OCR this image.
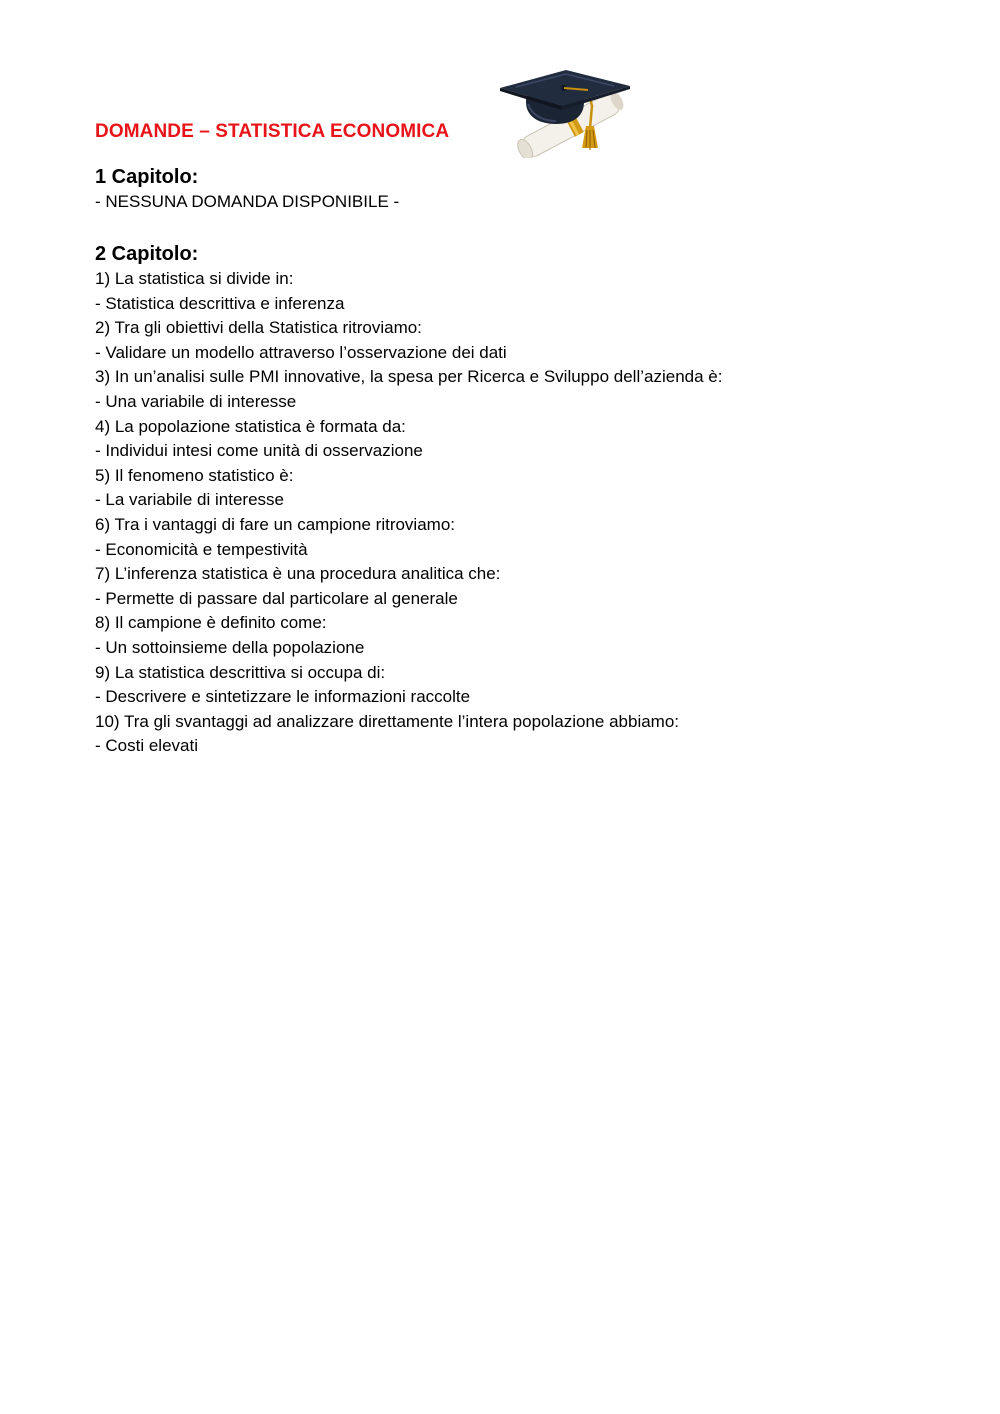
DOMANDE – STATISTICA ECONOMICA
1 Capitolo:
- NESSUNA DOMANDA DISPONIBILE -
2 Capitolo:
1) La statistica si divide in:
- Statistica descrittiva e inferenza
2) Tra gli obiettivi della Statistica ritroviamo:
- Validare un modello attraverso l’osservazione dei dati
3) In un’analisi sulle PMI innovative, la spesa per Ricerca e Sviluppo dell’azienda è:
- Una variabile di interesse
4) La popolazione statistica è formata da:
- Individui intesi come unità di osservazione
5) Il fenomeno statistico è:
- La variabile di interesse
6) Tra i vantaggi di fare un campione ritroviamo:
- Economicità e tempestività
7) L’inferenza statistica è una procedura analitica che:
- Permette di passare dal particolare al generale
8) Il campione è definito come:
- Un sottoinsieme della popolazione
9) La statistica descrittiva si occupa di:
- Descrivere e sintetizzare le informazioni raccolte
10) Tra gli svantaggi ad analizzare direttamente l’intera popolazione abbiamo:
- Costi elevati
